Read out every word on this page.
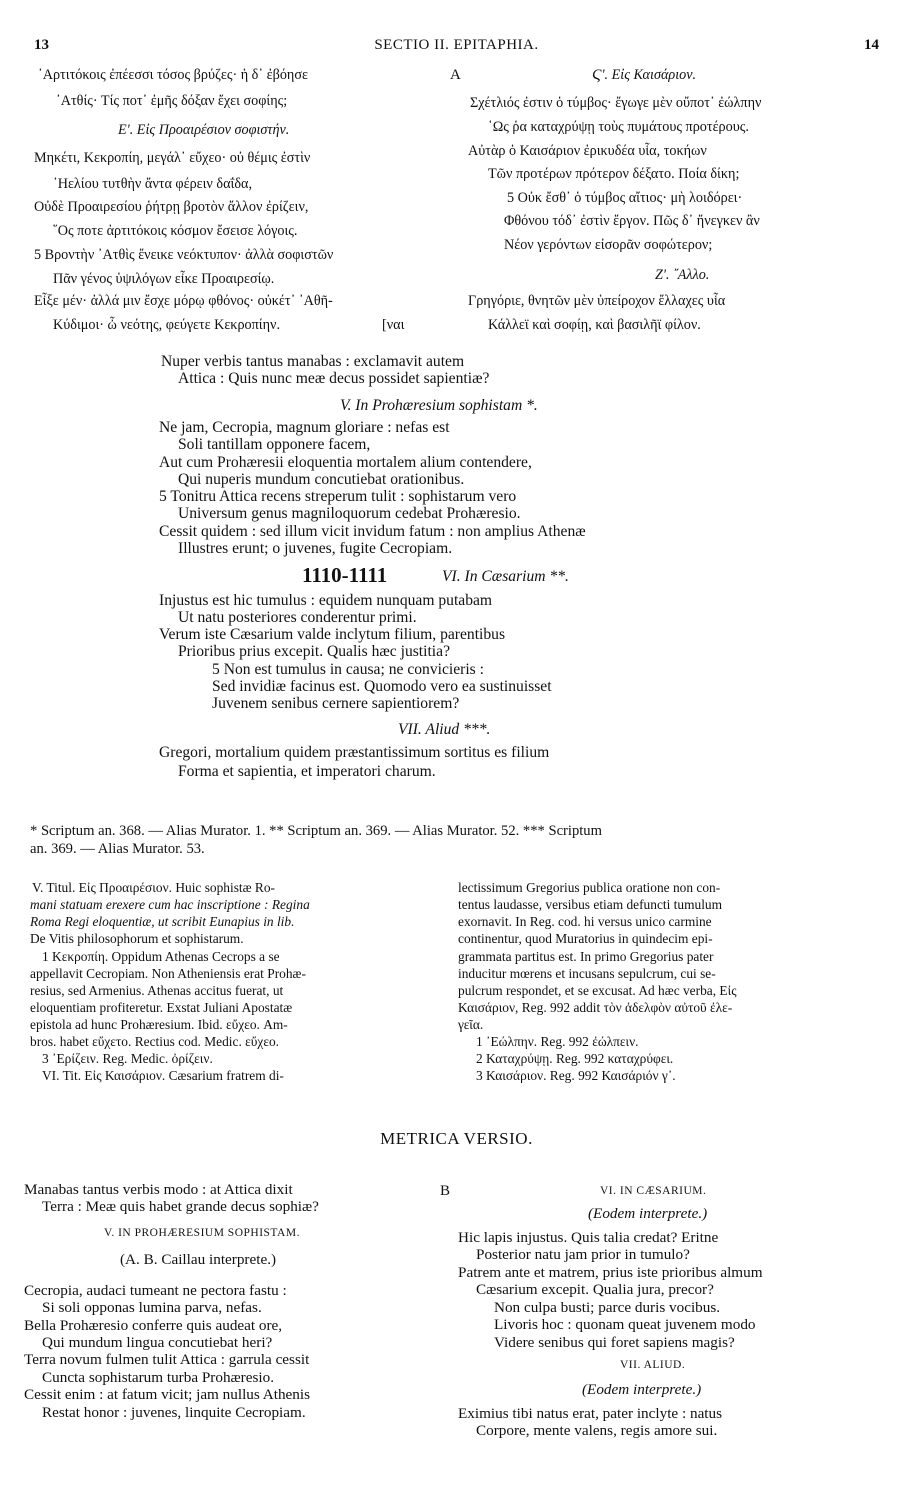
13	SECTIO II. EPITAPHIA.	14
᾿Αρτιτόκοις ἐπέεσσι τόσος βρύζες· ἡ δ᾿ ἐβόησε
᾿Ατθίς· Τίς ποτ᾿ ἐμῆς δόξαν ἔχει σοφίης;
Εʹ. Εἰς Προαιρέσιον σοφιστήν.
Μηκέτι, Κεκροπίη, μεγάλ᾿ εὔχεο· οὐ θέμις ἐστὶν
᾿Ηελίου τυτθὴν ἄντα φέρειν δαΐδα,
Οὐδὲ Προαιρεσίου ῥήτρῃ βροτὸν ἄλλον ἐρίζειν,
῞Ος ποτε ἀρτιτόκοις κόσμον ἔσεισε λόγοις.
5 Βροντὴν ᾿Ατθὶς ἔνεικε νεόκτυπον· ἀλλὰ σοφιστῶν
Πᾶν γένος ὑψιλόγων εἶκε Προαιρεσίῳ.
Εἶξε μέν· ἀλλά μιν ἔσχε μόρῳ φθόνος· οὐκέτ᾿ ᾿Αθῆ-
Κύδιμοι· ὦ νεότης, φεύγετε Κεκροπίην.	[ναι
A	Ϛʹ. Εἰς Καισάριον.
Σχέτλιός ἐστιν ὁ τύμβος· ἔγωγε μὲν οὔποτ᾿ ἐώλπην
῾Ως ῥα καταχρύψῃ τοὺς πυμάτους προτέρους.
Αὐτὰρ ὁ Καισάριον ἐρικυδέα υἷα, τοκήων
Τῶν προτέρων πρότερον δέξατο. Ποία δίκη;
5 Οὐκ ἔσθ᾿ ὁ τύμβος αἴτιος· μὴ λοιδόρει·
Φθόνου τόδ᾿ ἐστὶν ἔργον. Πῶς δ᾿ ἤνεγκεν ἂν
Νέον γερόντων εἰσορᾶν σοφώτερον;
Ζʹ. ῎Αλλο.
Γρηγόριε, θνητῶν μὲν ὑπείροχον ἔλλαχες υἷα
Κάλλεϊ καὶ σοφίῃ, καὶ βασιλῆϊ φίλον.
Nuper verbis tantus manabas : exclamavit autem
Attica : Quis nunc meæ decus possidet sapientiæ?
V. In Prohæresium sophistam *.
Ne jam, Cecropia, magnum gloriare : nefas est
Soli tantillam opponere facem,
Aut cum Prohæresii eloquentia mortalem alium contendere,
Qui nuperis mundum concutiebat orationibus.
5 Tonitru Attica recens streperum tulit : sophistarum vero
Universum genus magniloquorum cedebat Prohæresio.
Cessit quidem : sed illum vicit invidum fatum : non amplius Athenæ
Illustres erunt; o juvenes, fugite Cecropiam.
1110-1111	VI. In Cæsarium **.
Injustus est hic tumulus : equidem nunquam putabam
Ut natu posteriores conderentur primi.
Verum iste Cæsarium valde inclytum filium, parentibus
Prioribus prius excepit. Qualis hæc justitia?
5 Non est tumulus in causa; ne convicieris :
Sed invidiæ facinus est. Quomodo vero ea sustinuisset
Juvenem senibus cernere sapientiorem?
VII. Aliud ***.
Gregori, mortalium quidem præstantissimum sortitus es filium
Forma et sapientia, et imperatori charum.
* Scriptum an. 368. — Alias Murator. 1. ** Scriptum an. 369. — Alias Murator. 52. *** Scriptum
an. 369. — Alias Murator. 53.
V. Titul. Εἰς Προαιρέσιον. Huic sophistæ Ro-
mani statuam erexere cum hac inscriptione : Regina
Roma Regi eloquentiæ, ut scribit Eunapius in lib.
De Vitis philosophorum et sophistarum.
1 Κεκροπίη. Oppidum Athenas Cecrops a se
appellavit Cecropiam. Non Atheniensis erat Prohæ-
resius, sed Armenius. Athenas accitus fuerat, ut
eloquentiam profiteretur. Exstat Juliani Apostatæ
epistola ad hunc Prohæresium. Ibid. εὔχεο. Am-
bros. habet εὔχετο. Rectius cod. Medic. εὔχεο.
3 ᾿Ερίζειν. Reg. Medic. ὀρίζειν.
VI. Tit. Εἰς Καισάριον. Cæsarium fratrem di-
lectissimum Gregorius publica oratione non con-
tentus laudasse, versibus etiam defuncti tumulum
exornavit. In Reg. cod. hi versus unico carmine
continentur, quod Muratorius in quindecim epi-
grammata partitus est. In primo Gregorius pater
inducitur mœrens et incusans sepulcrum, cui se-
pulcrum respondet, et se excusat. Ad hæc verba, Εἰς
Καισάριον, Reg. 992 addit τὸν ἀδελφὸν αὐτοῦ ἐλε-
γεῖα.
1 ᾿Εώλπην. Reg. 992 ἐώλπειν.
2 Καταχρύψῃ. Reg. 992 καταχρύφει.
3 Καισάριον. Reg. 992 Καισάριόν γ᾿.
METRICA VERSIO.
Manabas tantus verbis modo : at Attica dixit
Terra : Meæ quis habet grande decus sophiæ?
V. IN PROHÆRESIUM SOPHISTAM.
(A. B. Caillau interprete.)
Cecropia, audaci tumeant ne pectora fastu :
Si soli opponas lumina parva, nefas.
Bella Prohæresio conferre quis audeat ore,
Qui mundum lingua concutiebat heri?
Terra novum fulmen tulit Attica : garrula cessit
Cuncta sophistarum turba Prohæresio.
Cessit enim : at fatum vicit; jam nullus Athenis
Restat honor : juvenes, linquite Cecropiam.
B	VI. IN CÆSARIUM.
(Eodem interprete.)
Hic lapis injustus. Quis talia credat? Eritne
Posterior natu jam prior in tumulo?
Patrem ante et matrem, prius iste prioribus almum
Cæsarium excepit. Qualia jura, precor?
Non culpa busti; parce duris vocibus.
Livoris hoc : quonam queat juvenem modo
Videre senibus qui foret sapiens magis?
VII. ALIUD.
(Eodem interprete.)
Eximius tibi natus erat, pater inclyte : natus
Corpore, mente valens, regis amore sui.
